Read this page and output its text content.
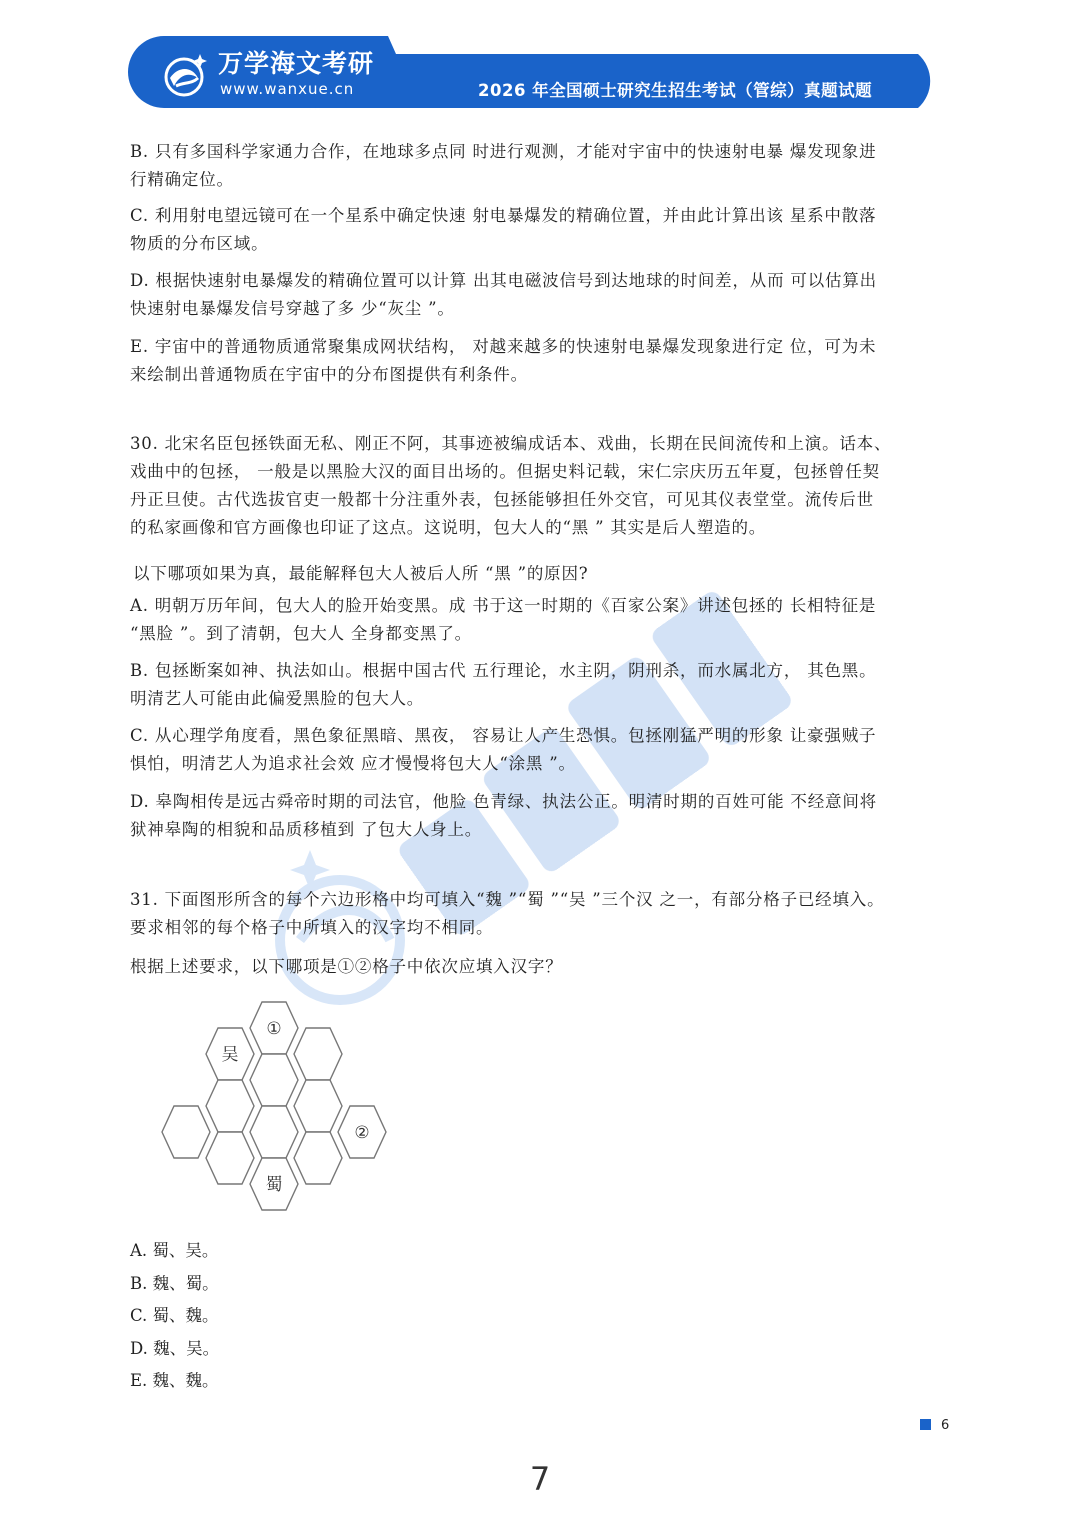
万学海文考研
www.wanxue.cn	2026 年全国硕士研究生招生考试（管综）真题试题
B. 只有多国科学家通力合作，在地球多点同 时进行观测，才能对宇宙中的快速射电暴 爆发现象进
行精确定位。
C. 利用射电望远镜可在一个星系中确定快速 射电暴爆发的精确位置，并由此计算出该 星系中散落
物质的分布区域。
D. 根据快速射电暴爆发的精确位置可以计算 出其电磁波信号到达地球的时间差，从而 可以估算出
快速射电暴爆发信号穿越了多 少“灰尘 ”。
E. 宇宙中的普通物质通常聚集成网状结构， 对越来越多的快速射电暴爆发现象进行定 位，可为未
来绘制出普通物质在宇宙中的分布图提供有利条件。
30. 北宋名臣包拯铁面无私、刚正不阿，其事迹被编成话本、戏曲，长期在民间流传和上演。话本、
戏曲中的包拯， 一般是以黑脸大汉的面目出场的。但据史料记载，宋仁宗庆历五年夏，包拯曾任契
丹正旦使。古代选拔官吏一般都十分注重外表，包拯能够担任外交官，可见其仪表堂堂。流传后世
的私家画像和官方画像也印证了这点。这说明，包大人的“黑 ” 其实是后人塑造的。
以下哪项如果为真，最能解释包大人被后人所 “黑 ”的原因?
A. 明朝万历年间，包大人的脸开始变黑。成 书于这一时期的《百家公案》讲述包拯的 长相特征是
“黑脸 ”。到了清朝，包大人 全身都变黑了。
B. 包拯断案如神、执法如山。根据中国古代 五行理论，水主阴，阴刑杀，而水属北方， 其色黑。
明清艺人可能由此偏爱黑脸的包大人。
C. 从心理学角度看，黑色象征黑暗、黑夜， 容易让人产生恐惧。包拯刚猛严明的形象 让豪强贼子
惧怕，明清艺人为追求社会效 应才慢慢将包大人“涂黑 ”。
D. 皋陶相传是远古舜帝时期的司法官，他脸 色青绿、执法公正。明清时期的百姓可能 不经意间将
狱神皋陶的相貌和品质移植到 了包大人身上。
31. 下面图形所含的每个六边形格中均可填入“魏 ”“蜀 ”“吴 ”三个汉 之一，有部分格子已经填入。
要求相邻的每个格子中所填入的汉字均不相同。
根据上述要求，以下哪项是①②格子中依次应填入汉字？
吴
①
②
蜀
A. 蜀、吴。
B. 魏、蜀。
C. 蜀、魏。
D. 魏、吴。
E. 魏、魏。
6
7
